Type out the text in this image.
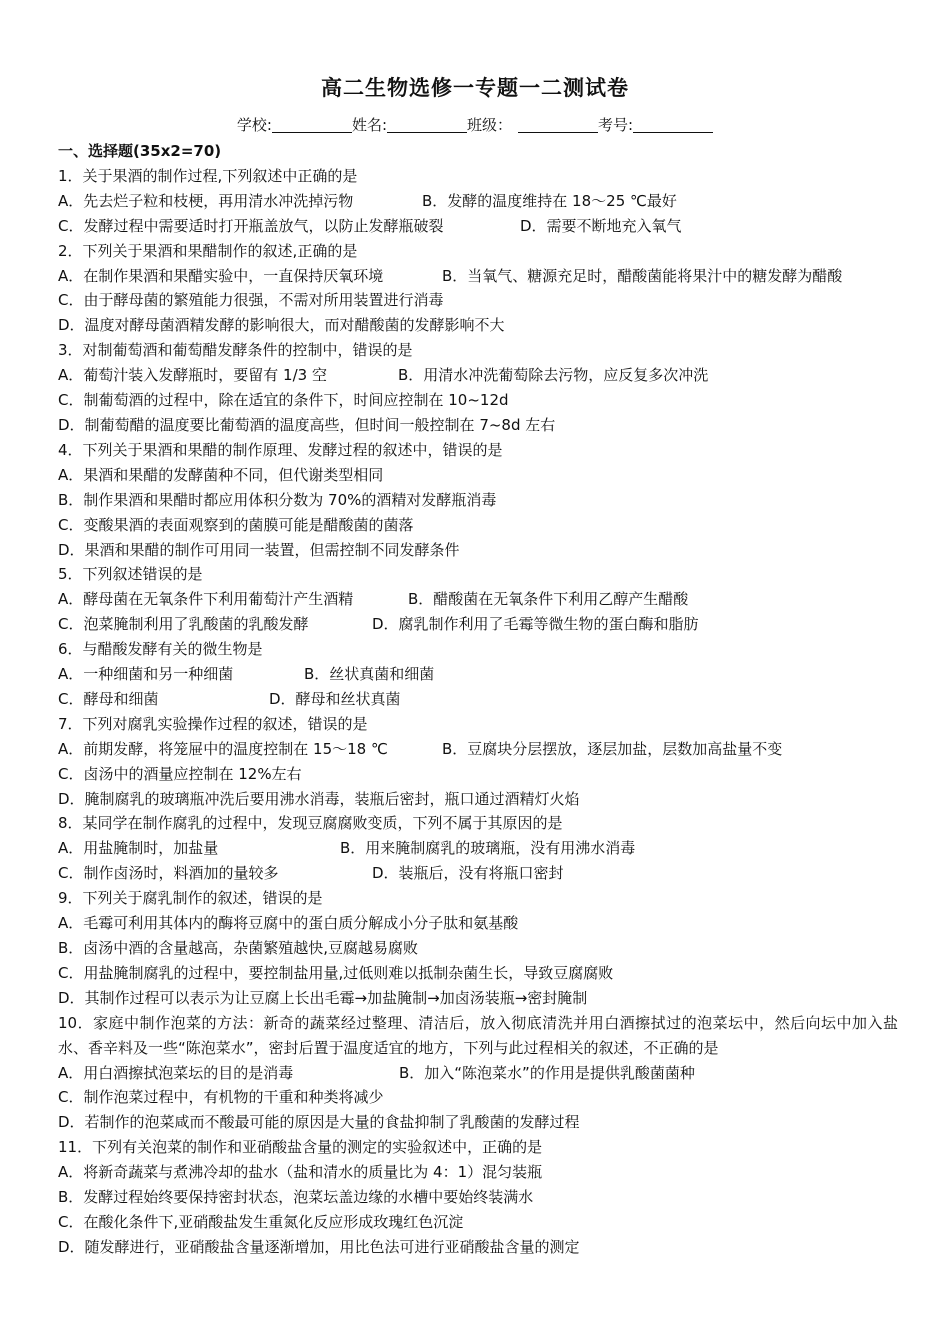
高二生物选修一专题一二测试卷
学校:	姓名:	班级：	考号:
一、选择题(35x2=70)
1．关于果酒的制作过程,下列叙述中正确的是
A．先去烂子粒和枝梗，再用清水冲洗掉污物	B．发酵的温度维持在 18～25 ℃最好
C．发酵过程中需要适时打开瓶盖放气，以防止发酵瓶破裂	D．需要不断地充入氧气
2．下列关于果酒和果醋制作的叙述,正确的是
A．在制作果酒和果醋实验中，一直保持厌氧环境	B．当氧气、糖源充足时，醋酸菌能将果汁中的糖发酵为醋酸
C．由于酵母菌的繁殖能力很强，不需对所用装置进行消毒
D．温度对酵母菌酒精发酵的影响很大，而对醋酸菌的发酵影响不大
3．对制葡萄酒和葡萄醋发酵条件的控制中，错误的是
A．葡萄汁装入发酵瓶时，要留有 1/3 空	B．用清水冲洗葡萄除去污物，应反复多次冲洗
C．制葡萄酒的过程中，除在适宜的条件下，时间应控制在 10~12d
D．制葡萄醋的温度要比葡萄酒的温度高些，但时间一般控制在 7~8d 左右
4．下列关于果酒和果醋的制作原理、发酵过程的叙述中，错误的是
A．果酒和果醋的发酵菌种不同，但代谢类型相同
B．制作果酒和果醋时都应用体积分数为 70%的酒精对发酵瓶消毒
C．变酸果酒的表面观察到的菌膜可能是醋酸菌的菌落
D．果酒和果醋的制作可用同一装置，但需控制不同发酵条件
5．下列叙述错误的是
A．酵母菌在无氧条件下利用葡萄汁产生酒精	B．醋酸菌在无氧条件下利用乙醇产生醋酸
C．泡菜腌制利用了乳酸菌的乳酸发酵	D．腐乳制作利用了毛霉等微生物的蛋白酶和脂肪
6．与醋酸发酵有关的微生物是
A．一种细菌和另一种细菌	B．丝状真菌和细菌
C．酵母和细菌	D．酵母和丝状真菌
7．下列对腐乳实验操作过程的叙述，错误的是
A．前期发酵，将笼屉中的温度控制在 15～18 ℃	B．豆腐块分层摆放，逐层加盐，层数加高盐量不变
C．卤汤中的酒量应控制在 12%左右
D．腌制腐乳的玻璃瓶冲洗后要用沸水消毒，装瓶后密封，瓶口通过酒精灯火焰
8．某同学在制作腐乳的过程中，发现豆腐腐败变质，下列不属于其原因的是
A．用盐腌制时，加盐量	B．用来腌制腐乳的玻璃瓶，没有用沸水消毒
C．制作卤汤时，料酒加的量较多	D．装瓶后，没有将瓶口密封
9．下列关于腐乳制作的叙述，错误的是
A．毛霉可利用其体内的酶将豆腐中的蛋白质分解成小分子肽和氨基酸
B．卤汤中酒的含量越高，杂菌繁殖越快,豆腐越易腐败
C．用盐腌制腐乳的过程中，要控制盐用量,过低则难以抵制杂菌生长，导致豆腐腐败
D．其制作过程可以表示为让豆腐上长出毛霉→加盐腌制→加卤汤装瓶→密封腌制
10．家庭中制作泡菜的方法：新奇的蔬菜经过整理、清洁后，放入彻底清洗并用白酒擦拭过的泡菜坛中，然后向坛中加入盐水、香辛料及一些“陈泡菜水”，密封后置于温度适宜的地方，下列与此过程相关的叙述，不正确的是
A．用白酒擦拭泡菜坛的目的是消毒	B．加入“陈泡菜水”的作用是提供乳酸菌菌种
C．制作泡菜过程中，有机物的干重和种类将减少
D．若制作的泡菜咸而不酸最可能的原因是大量的食盐抑制了乳酸菌的发酵过程
11．下列有关泡菜的制作和亚硝酸盐含量的测定的实验叙述中，正确的是
A．将新奇蔬菜与煮沸冷却的盐水（盐和清水的质量比为 4：1）混匀装瓶
B．发酵过程始终要保持密封状态，泡菜坛盖边缘的水槽中要始终装满水
C．在酸化条件下,亚硝酸盐发生重氮化反应形成玫瑰红色沉淀
D．随发酵进行，亚硝酸盐含量逐渐增加，用比色法可进行亚硝酸盐含量的测定
